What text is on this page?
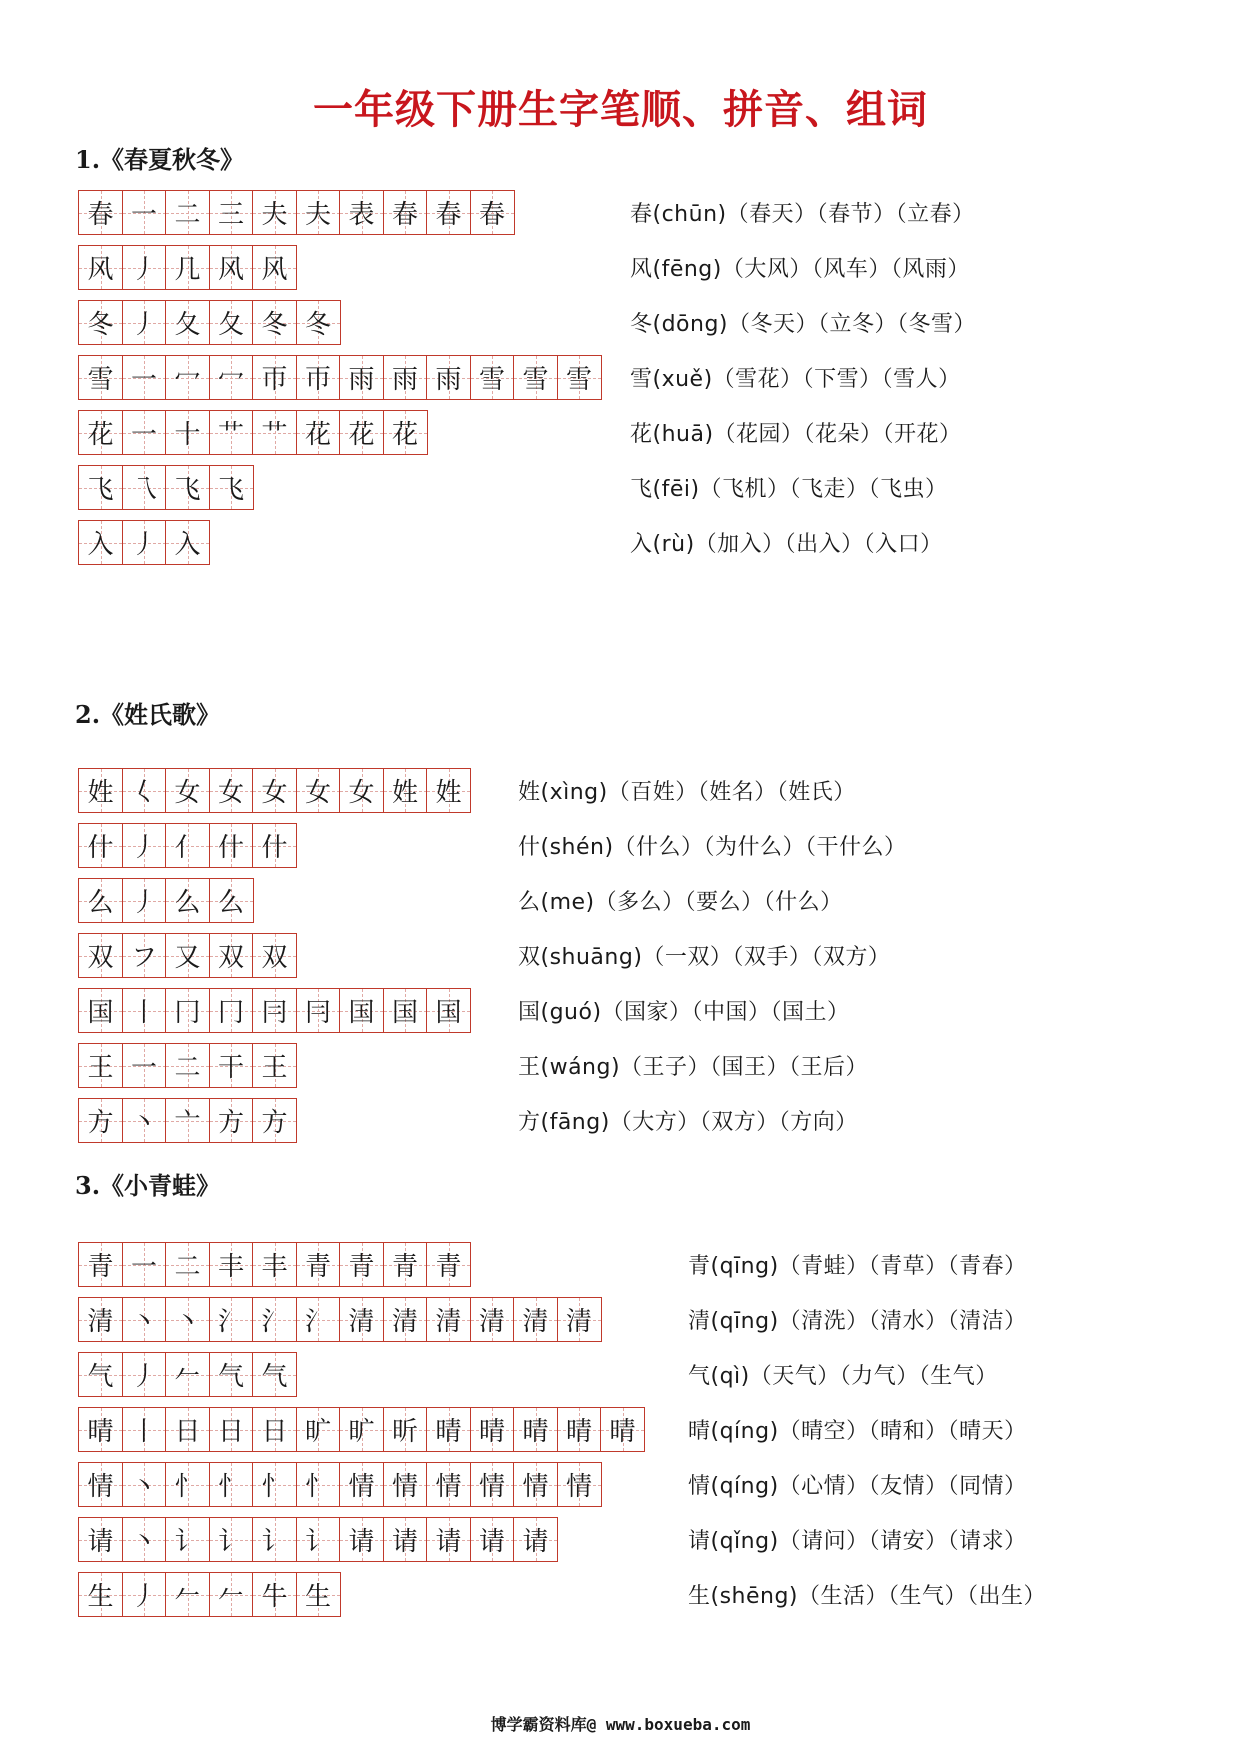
一年级下册生字笔顺、拼音、组词
1.《春夏秋冬》
春 一 二 三 夫 夫 表 春 春 春
风 丿 几 风 风
冬 丿 夂 夂 冬 冬
雪 一 冖 冖 帀 帀 雨 雨 雨 雪 雪 雪
花 一 十 艹 艹 花 花 花
飞 乁 飞 飞
入 丿 入
春(chūn)（春天）（春节）（立春）
风(fēng)（大风）（风车）（风雨）
冬(dōng)（冬天）（立冬）（冬雪）
雪(xuě)（雪花）（下雪）（雪人）
花(huā)（花园）（花朵）（开花）
飞(fēi)（飞机）（飞走）（飞虫）
入(rù)（加入）（出入）（入口）
2.《姓氏歌》
姓 𡿨 女 女 女 女 女 姓 姓
什 丿 亻 什 什
么 丿 么 么
双 フ 又 双 双
国 丨 冂 冂 冃 冃 国 国 国
王 一 二 干 王
方 丶 亠 方 方
姓(xìng)（百姓）（姓名）（姓氏）
什(shén)（什么）（为什么）（干什么）
么(me)（多么）（要么）（什么）
双(shuāng)（一双）（双手）（双方）
国(guó)（国家）（中国）（国土）
王(wáng)（王子）（国王）（王后）
方(fāng)（大方）（双方）（方向）
3.《小青蛙》
青 一 二 丰 丰 青 青 青 青
清 丶 丶 氵 氵 氵 清 清 清 清 清 清
气 丿 𠂉 气 气
晴 丨 日 日 日 旷 旷 昕 晴 晴 晴 晴 晴
情 丶 忄 忄 忄 忄 情 情 情 情 情 情
请 丶 讠 讠 讠 讠 请 请 请 请 请
生 丿 𠂉 𠂉 牛 生
青(qīng)（青蛙）（青草）（青春）
清(qīng)（清洗）（清水）（清洁）
气(qì)（天气）（力气）（生气）
晴(qíng)（晴空）（晴和）（晴天）
情(qíng)（心情）（友情）（同情）
请(qǐng)（请问）（请安）（请求）
生(shēng)（生活）（生气）（出生）
博学霸资料库@ www.boxueba.com
